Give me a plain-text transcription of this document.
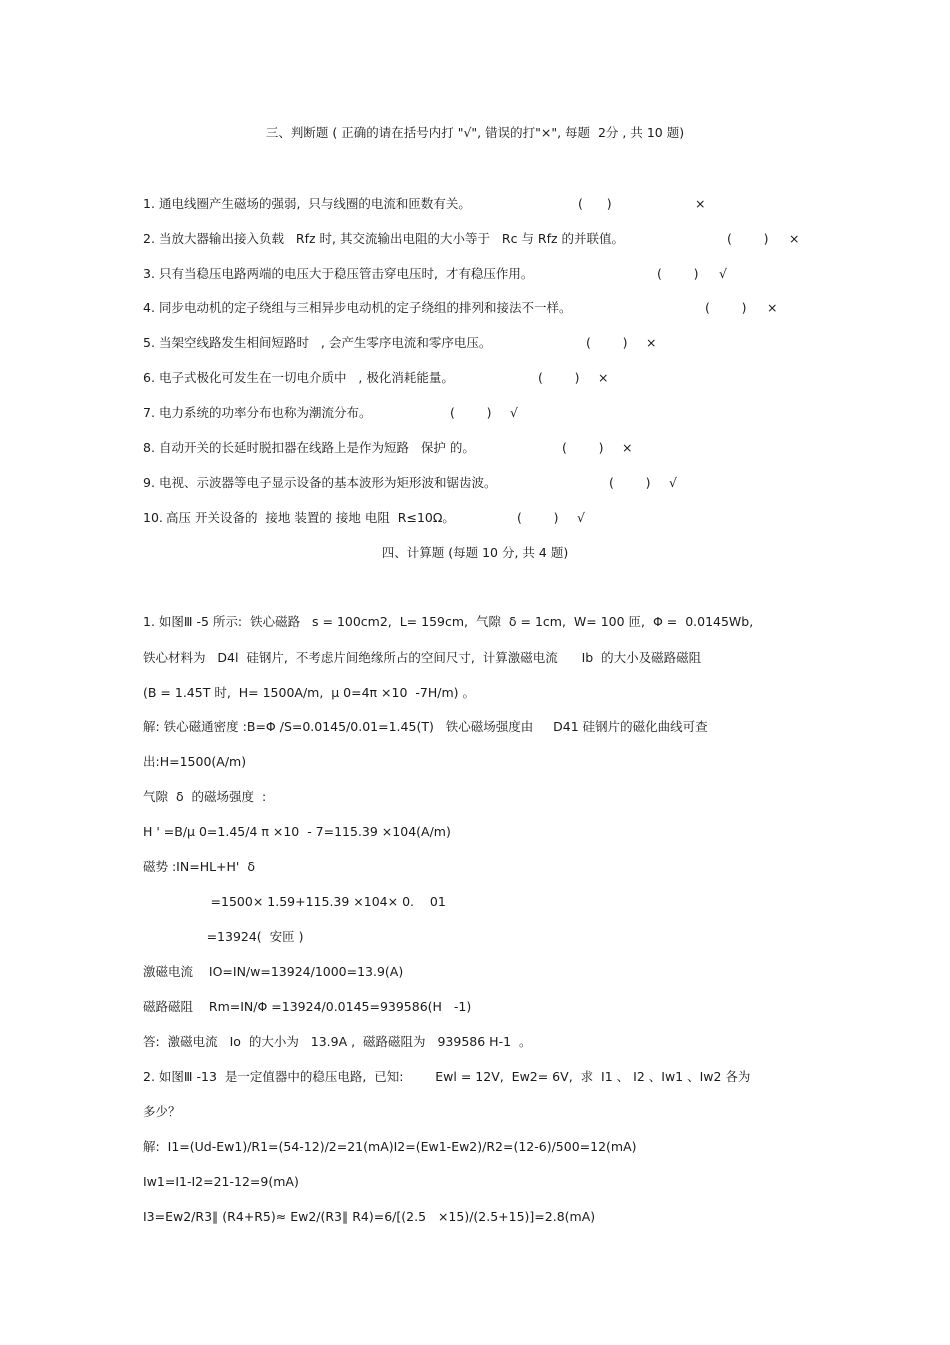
三、判断题 ( 正确的请在括号内打 "√", 错误的打"×", 每题  2分 , 共 10 题)
1. 通电线圈产生磁场的强弱,  只与线圈的电流和匝数有关。	(      )	×
2. 当放大器输出接入负载   Rfz 时, 其交流输出电阻的大小等于   Rc 与 Rfz 的并联值。	(        ) ×
3. 只有当稳压电路两端的电压大于稳压管击穿电压时,  才有稳压作用。	(        ) √
4. 同步电动机的定子绕组与三相异步电动机的定子绕组的排列和接法不一样。	(        ) ×
5. 当架空线路发生相间短路时   , 会产生零序电流和零序电压。	(        ) ×
6. 电子式极化可发生在一切电介质中   , 极化消耗能量。	(        ) ×
7. 电力系统的功率分布也称为潮流分布。	(        ) √
8. 自动开关的长延时脱扣器在线路上是作为短路   保护 的。	(        ) ×
9. 电视、示波器等电子显示设备的基本波形为矩形波和锯齿波。	(        ) √
10. 高压 开关设备的  接地 装置的 接地 电阻  R≤10Ω。	(        ) √
四、计算题 (每题 10 分, 共 4 题)
1. 如图Ⅲ -5 所示:  铁心磁路   s = 100cm2,  L= 159cm,  气隙  δ = 1cm,  W= 100 匝,  Φ =  0.0145Wb,
铁心材料为   D4l  硅钢片,  不考虑片间绝缘所占的空间尺寸,  计算激磁电流      Ib  的大小及磁路磁阻
(B = 1.45T 时,  H= 1500A/m,  μ 0=4π ×10  -7H/m) 。
解: 铁心磁通密度 :B=Φ /S=0.0145/0.01=1.45(T)   铁心磁场强度由     D41 硅钢片的磁化曲线可查
出:H=1500(A/m)
气隙  δ  的磁场强度  :
H ' =B/μ 0=1.45/4 π ×10  - 7=115.39 ×104(A/m)
磁势 :IN=HL+H'  δ
=1500× 1.59+115.39 ×104× 0.    01
=13924(  安匝 )
激磁电流    IO=IN/w=13924/1000=13.9(A)
磁路磁阻    Rm=IN/Φ =13924/0.0145=939586(H   -1)
答:  激磁电流   Io  的大小为   13.9A ,  磁路磁阻为   939586 H-1  。
2. 如图Ⅲ -13  是一定值器中的稳压电路,  已知:        Ewl = 12V,  Ew2= 6V,  求  I1 、 I2 、Iw1 、Iw2 各为
多少？
解:  I1=(Ud-Ew1)/R1=(54-12)/2=21(mA)I2=(Ew1-Ew2)/R2=(12-6)/500=12(mA)
Iw1=I1-I2=21-12=9(mA)
I3=Ew2/R3∥ (R4+R5)≈ Ew2/(R3∥ R4)=6/[(2.5   ×15)/(2.5+15)]=2.8(mA)
